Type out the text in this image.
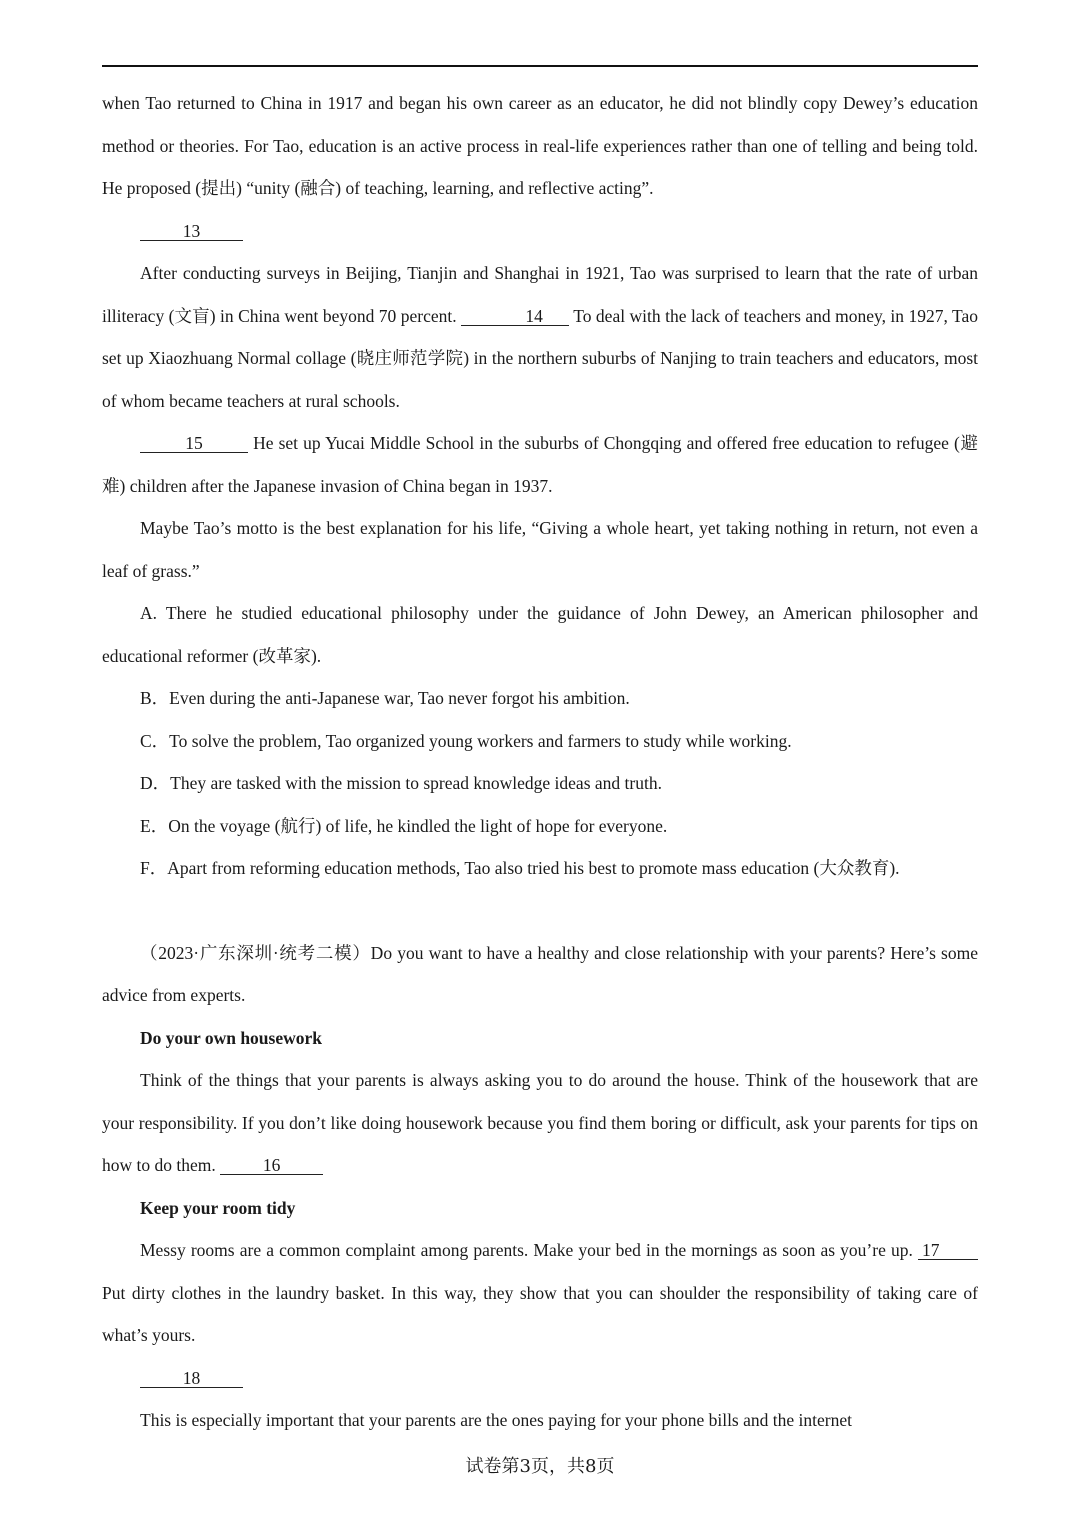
when Tao returned to China in 1917 and began his own career as an educator, he did not blindly copy Dewey’s education method or theories. For Tao, education is an active process in real-life experiences rather than one of telling and being told. He proposed (提出) “unity (融合) of teaching, learning, and reflective acting”.

13

After conducting surveys in Beijing, Tianjin and Shanghai in 1921, Tao was surprised to learn that the rate of urban illiteracy (文盲) in China went beyond 70 percent.	14 To deal with the lack of teachers and money, in 1927, Tao set up Xiaozhuang Normal collage (晓庄师范学院) in the northern suburbs of Nanjing to train teachers and educators, most of whom became teachers at rural schools.

15	He set up Yucai Middle School in the suburbs of Chongqing and offered free education to refugee (避难) children after the Japanese invasion of China began in 1937.

Maybe Tao’s motto is the best explanation for his life, “Giving a whole heart, yet taking nothing in return, not even a leaf of grass.”

A. There he studied educational philosophy under the guidance of John Dewey, an American philosopher and educational reformer (改革家).

B．Even during the anti-Japanese war, Tao never forgot his ambition.

C．To solve the problem, Tao organized young workers and farmers to study while working.

D．They are tasked with the mission to spread knowledge ideas and truth.

E．On the voyage (航行) of life, he kindled the light of hope for everyone.

F．Apart from reforming education methods, Tao also tried his best to promote mass education (大众教育).

（2023·广东深圳·统考二模）Do you want to have a healthy and close relationship with your parents? Here’s some advice from experts.

Do your own housework

Think of the things that your parents is always asking you to do around the house. Think of the housework that are your responsibility. If you don’t like doing housework because you find them boring or difficult, ask your parents for tips on how to do them. 16

Keep your room tidy

Messy rooms are a common complaint among parents. Make your bed in the mornings as soon as you’re up. 17 Put dirty clothes in the laundry basket. In this way, they show that you can shoulder the responsibility of taking care of what’s yours.

18

This is especially important that your parents are the ones paying for your phone bills and the internet

试卷第3页，共8页
